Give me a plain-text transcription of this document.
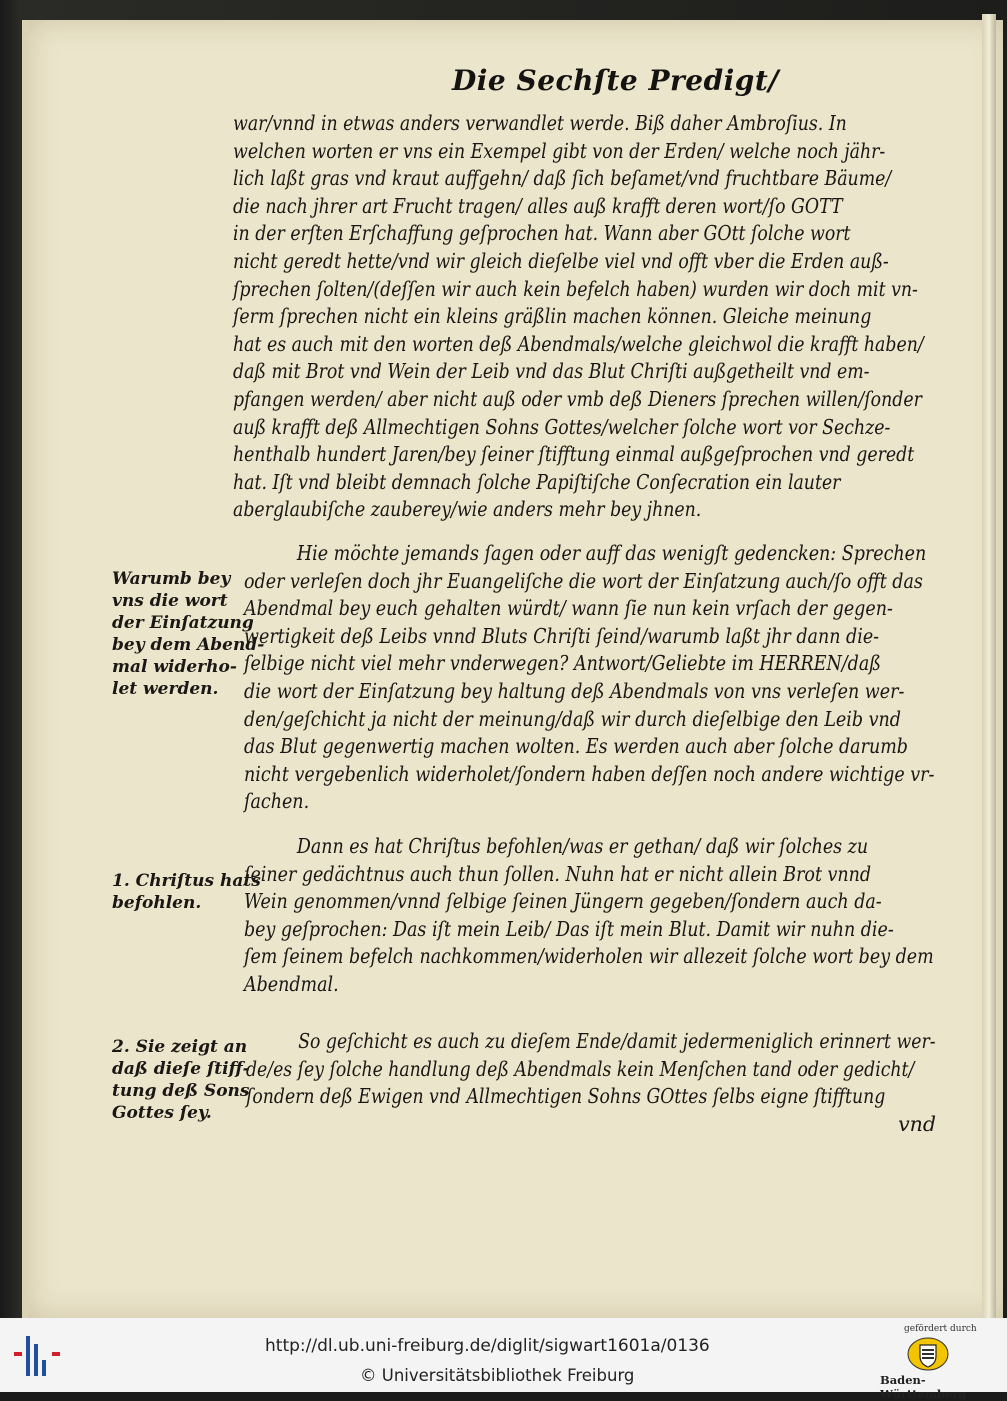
Die Sechſte Predigt/
war/vnnd in etwas anders verwandlet werde. Biß daher Ambroſius. In
welchen worten er vns ein Exempel gibt von der Erden/ welche noch jähr-
lich laßt gras vnd kraut auffgehn/ daß ſich beſamet/vnd fruchtbare Bäume/
die nach jhrer art Frucht tragen/ alles auß krafft deren wort/ſo GOTT
in der erſten Erſchaffung geſprochen hat. Wann aber GOtt ſolche wort
nicht geredt hette/vnd wir gleich dieſelbe viel vnd offt vber die Erden auß-
ſprechen ſolten/(deſſen wir auch kein befelch haben) wurden wir doch mit vn-
ſerm ſprechen nicht ein kleins gräßlin machen können. Gleiche meinung
hat es auch mit den worten deß Abendmals/welche gleichwol die krafft haben/
daß mit Brot vnd Wein der Leib vnd das Blut Chriſti außgetheilt vnd em-
pfangen werden/ aber nicht auß oder vmb deß Dieners ſprechen willen/ſonder
auß krafft deß Allmechtigen Sohns Gottes/welcher ſolche wort vor Sechze-
henthalb hundert Jaren/bey ſeiner ſtifftung einmal außgeſprochen vnd geredt
hat. Iſt vnd bleibt demnach ſolche Papiſtiſche Conſecration ein lauter
aberglaubiſche zauberey/wie anders mehr bey jhnen.
Hie möchte jemands ſagen oder auff das wenigſt gedencken: Sprechen
oder verleſen doch jhr Euangeliſche die wort der Einſatzung auch/ſo offt das
Abendmal bey euch gehalten würdt/ wann ſie nun kein vrſach der gegen-
wertigkeit deß Leibs vnnd Bluts Chriſti ſeind/warumb laßt jhr dann die-
ſelbige nicht viel mehr vnderwegen? Antwort/Geliebte im HERREN/daß
die wort der Einſatzung bey haltung deß Abendmals von vns verleſen wer-
den/geſchicht ja nicht der meinung/daß wir durch dieſelbige den Leib vnd
das Blut gegenwertig machen wolten. Es werden auch aber ſolche darumb
nicht vergebenlich widerholet/ſondern haben deſſen noch andere wichtige vr-
ſachen.
Dann es hat Chriſtus befohlen/was er gethan/ daß wir ſolches zu
ſeiner gedächtnus auch thun ſollen. Nuhn hat er nicht allein Brot vnnd
Wein genommen/vnnd ſelbige ſeinen Jüngern gegeben/ſondern auch da-
bey geſprochen: Das iſt mein Leib/ Das iſt mein Blut. Damit wir nuhn die-
ſem ſeinem befelch nachkommen/widerholen wir allezeit ſolche wort bey dem
Abendmal.
So geſchicht es auch zu dieſem Ende/damit jedermeniglich erinnert wer-
de/es ſey ſolche handlung deß Abendmals kein Menſchen tand oder gedicht/
ſondern deß Ewigen vnd Allmechtigen Sohns GOttes ſelbs eigne ſtifftung
vnd
Warumb bey
vns die wort
der Einſatzung
bey dem Abend-
mal widerho-
let werden.
1. Chriſtus hats
befohlen.
2. Sie zeigt an
daß dieſe ſtiff-
tung deß Sons
Gottes ſey.
http://dl.ub.uni-freiburg.de/diglit/sigwart1601a/0136
© Universitätsbibliothek Freiburg
gefördert durch
Baden-Württemberg
